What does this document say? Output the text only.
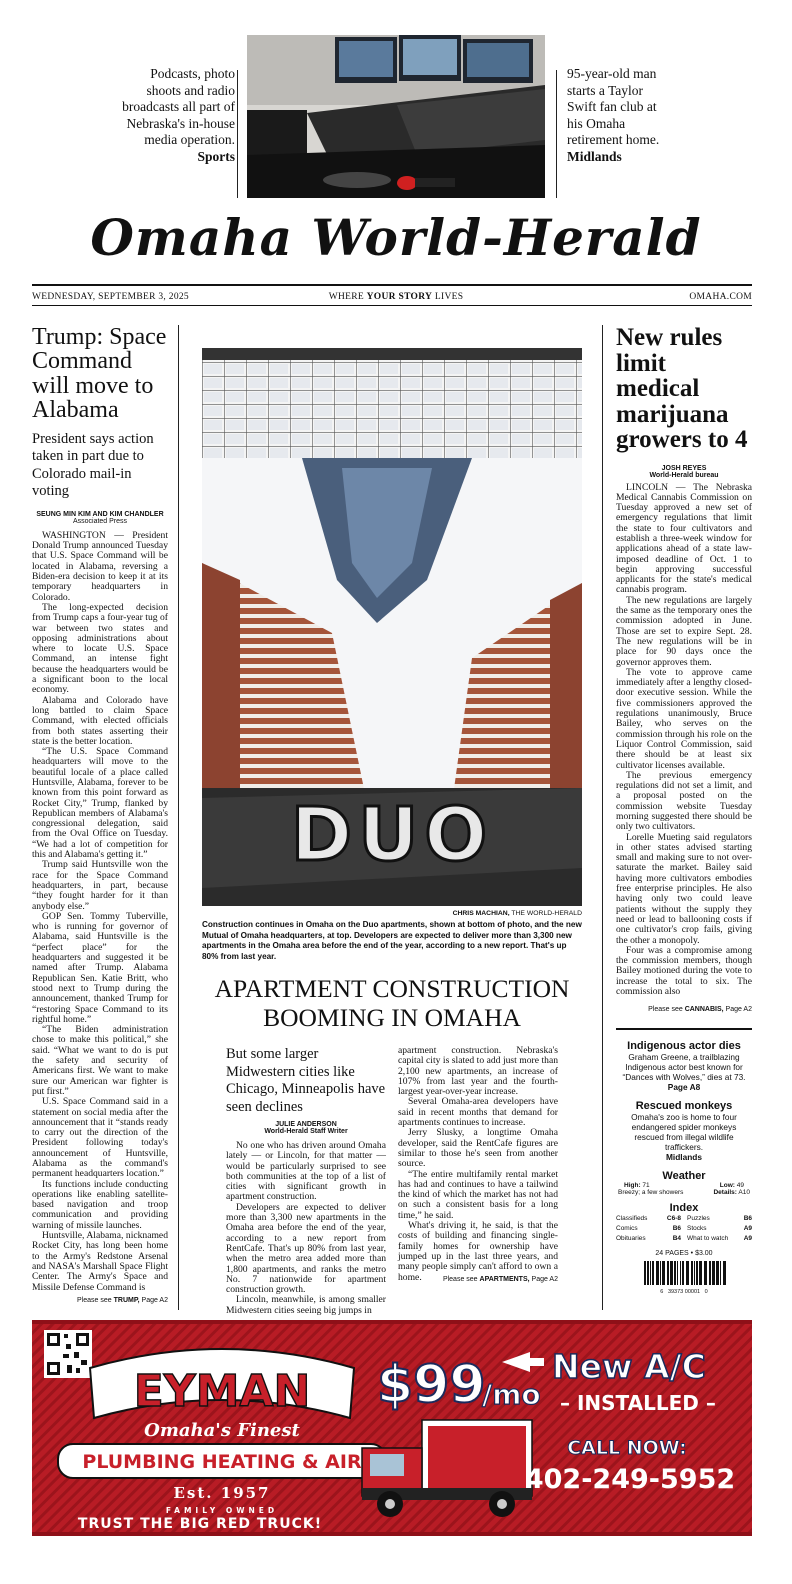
Podcasts, photo shoots and radio broadcasts all part of Nebraska's in-house media operation.
Sports
95-year-old man starts a Taylor Swift fan club at his Omaha retirement home.
Midlands
Omaha World-Herald
WEDNESDAY, SEPTEMBER 3, 2025	WHERE YOUR STORY LIVES	OMAHA.COM
Trump: Space Command will move to Alabama
President says action taken in part due to Colorado mail-in voting
SEUNG MIN KIM AND KIM CHANDLER
Associated Press

WASHINGTON — President Donald Trump announced Tuesday that U.S. Space Command will be located in Alabama, reversing a Biden-era decision to keep it at its temporary headquarters in Colorado.

The long-expected decision from Trump caps a four-year tug of war between two states and opposing administrations about where to locate U.S. Space Command, an intense fight because the headquarters would be a significant boon to the local economy.

Alabama and Colorado have long battled to claim Space Command, with elected officials from both states asserting their state is the better location.

“The U.S. Space Command headquarters will move to the beautiful locale of a place called Huntsville, Alabama, forever to be known from this point forward as Rocket City,” Trump, flanked by Republican members of Alabama's congressional delegation, said from the Oval Office on Tuesday. “We had a lot of competition for this and Alabama's getting it.”

Trump said Huntsville won the race for the Space Command headquarters, in part, because “they fought harder for it than anybody else.”

GOP Sen. Tommy Tuberville, who is running for governor of Alabama, said Huntsville is the “perfect place” for the headquarters and suggested it be named after Trump. Alabama Republican Sen. Katie Britt, who stood next to Trump during the announcement, thanked Trump for “restoring Space Command to its rightful home.”

“The Biden administration chose to make this political,” she said. “What we want to do is put the safety and security of Americans first. We want to make sure our American war fighter is put first.”

U.S. Space Command said in a statement on social media after the announcement that it “stands ready to carry out the direction of the President following today's announcement of Huntsville, Alabama as the command's permanent headquarters location.”

Its functions include conducting operations like enabling satellite-based navigation and troop communication and providing warning of missile launches.

Huntsville, Alabama, nicknamed Rocket City, has long been home to the Army's Redstone Arsenal and NASA's Marshall Space Flight Center. The Army's Space and Missile Defense Command is

Please see TRUMP, Page A2
DUO
CHRIS MACHIAN, THE WORLD-HERALD
Construction continues in Omaha on the Duo apartments, shown at bottom of photo, and the new Mutual of Omaha headquarters, at top. Developers are expected to deliver more than 3,300 new apartments in the Omaha area before the end of the year, according to a new report. That's up 80% from last year.
APARTMENT CONSTRUCTION BOOMING IN OMAHA
But some larger Midwestern cities like Chicago, Minneapolis have seen declines
JULIE ANDERSON
World-Herald Staff Writer

No one who has driven around Omaha lately — or Lincoln, for that matter — would be particularly surprised to see both communities at the top of a list of cities with significant growth in apartment construction.

Developers are expected to deliver more than 3,300 new apartments in the Omaha area before the end of the year, according to a new report from RentCafe. That's up 80% from last year, when the metro area added more than 1,800 apartments, and ranks the metro No. 7 nationwide for apartment construction growth.

Lincoln, meanwhile, is among smaller Midwestern cities seeing big jumps in

apartment construction. Nebraska's capital city is slated to add just more than 2,100 new apartments, an increase of 107% from last year and the fourth-largest year-over-year increase.

Several Omaha-area developers have said in recent months that demand for apartments continues to increase.

Jerry Slusky, a longtime Omaha developer, said the RentCafe figures are similar to those he's seen from another source.

“The entire multifamily rental market has had and continues to have a tailwind the kind of which the market has not had on such a consistent basis for a long time,” he said.

What's driving it, he said, is that the costs of building and financing single-family homes for ownership have jumped up in the last three years, and many people simply can't afford to own a home.	Please see APARTMENTS, Page A2
New rules limit medical marijuana growers to 4
JOSH REYES
World-Herald bureau

LINCOLN — The Nebraska Medical Cannabis Commission on Tuesday approved a new set of emergency regulations that limit the state to four cultivators and establish a three-week window for applications ahead of a state law-imposed deadline of Oct. 1 to begin approving successful applicants for the state's medical cannabis program.

The new regulations are largely the same as the temporary ones the commission adopted in June. Those are set to expire Sept. 28. The new regulations will be in place for 90 days once the governor approves them.

The vote to approve came immediately after a lengthy closed-door executive session. While the five commissioners approved the regulations unanimously, Bruce Bailey, who serves on the commission through his role on the Liquor Control Commission, said there should be at least six cultivator licenses available.

The previous emergency regulations did not set a limit, and a proposal posted on the commission website Tuesday morning suggested there should be only two cultivators.

Lorelle Mueting said regulators in other states advised starting small and making sure to not over-saturate the market. Bailey said having more cultivators embodies free enterprise principles. He also having only two could leave patients without the supply they need or lead to ballooning costs if one cultivator's crop fails, giving the other a monopoly.

Four was a compromise among the commission members, though Bailey motioned during the vote to increase the total to six. The commission also

Please see CANNABIS, Page A2
Indigenous actor dies
Graham Greene, a trailblazing Indigenous actor best known for “Dances with Wolves,” dies at 73.
Page A8
Rescued monkeys
Omaha's zoo is home to four endangered spider monkeys rescued from illegal wildlife traffickers.
Midlands
Weather
High: 71	Low: 49
Breezy; a few showers	Details: A10
Index
Classifieds	C6-8 Puzzles	B6
Comics	B6 Stocks	A9
Obituaries	B4 What to watch A9
24 PAGES • $3.00
6   39373 00001   0
EYMAN
Omaha's Finest
PLUMBING HEATING & AIR
Est. 1957
FAMILY OWNED
TRUST THE BIG RED TRUCK!
$99
/mo
New A/C
– INSTALLED –
CALL NOW:
402-249-5952
